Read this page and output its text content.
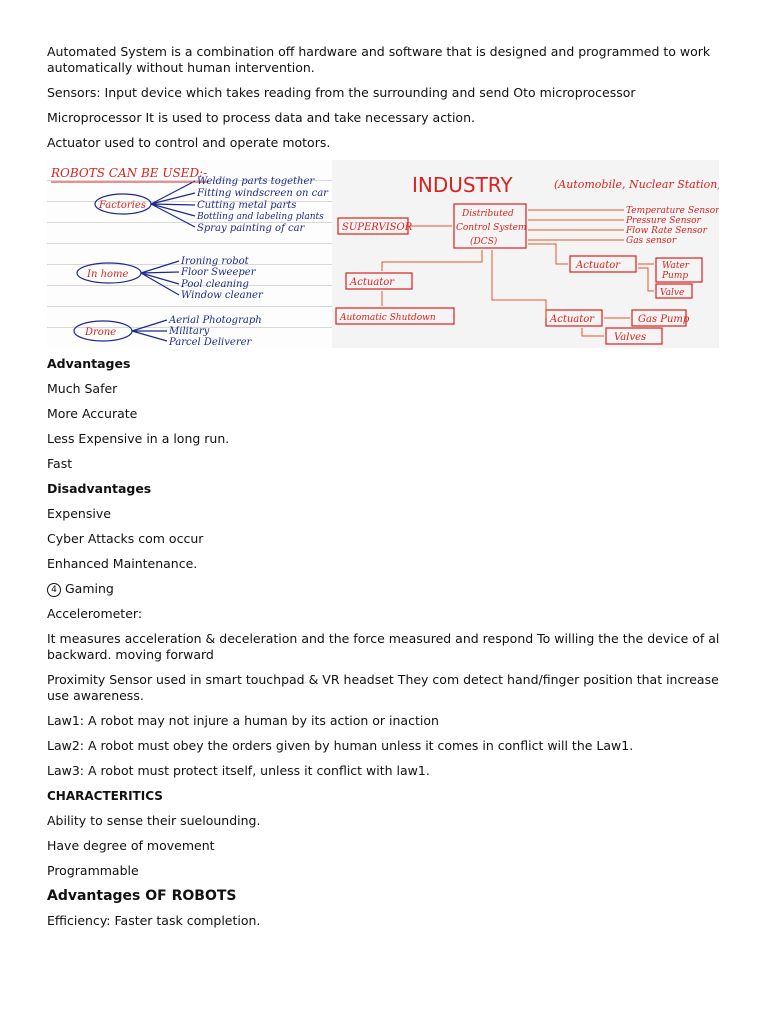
Automated System is a combination off hardware and software that is designed and programmed to work automatically without human intervention.

Sensors: Input device which takes reading from the surrounding and send Oto microprocessor

Microprocessor It is used to process data and take necessary action.

Actuator used to control and operate motors.

ROBOTS CAN BE USED:-
Factories
Welding parts together
Fitting windscreen on car
Cutting metal parts
Bottling and labeling plants
Spray painting of car
In home
Ironing robot
Floor Sweeper
Pool cleaning
Window cleaner
Drone
Aerial Photograph
Military
Parcel Deliverer
INDUSTRY	(Automobile, Nuclear Station)
SUPERVISOR
Distributed
Control System
(DCS)
Temperature Sensor
Pressure Sensor
Flow Rate Sensor
Gas sensor
Actuator
Actuator	Water
Pump
Valve
Automatic Shutdown	Actuator	Gas Pump
Valves

Advantages

Much Safer

More Accurate

Less Expensive in a long run.

Fast

Disadvantages

Expensive

Cyber Attacks com occur

Enhanced Maintenance.

4 Gaming

Accelerometer:

It measures acceleration & deceleration and the force measured and respond To willing the the device of al backward. moving forward

Proximity Sensor used in smart touchpad & VR headset They com detect hand/finger position that increase use awareness.

Law1: A robot may not injure a human by its action or inaction

Law2: A robot must obey the orders given by human unless it comes in conflict will the Law1.

Law3: A robot must protect itself, unless it conflict with law1.

CHARACTERITICS

Ability to sense their suelounding.

Have degree of movement

Programmable

Advantages OF ROBOTS

Efficiency: Faster task completion.
